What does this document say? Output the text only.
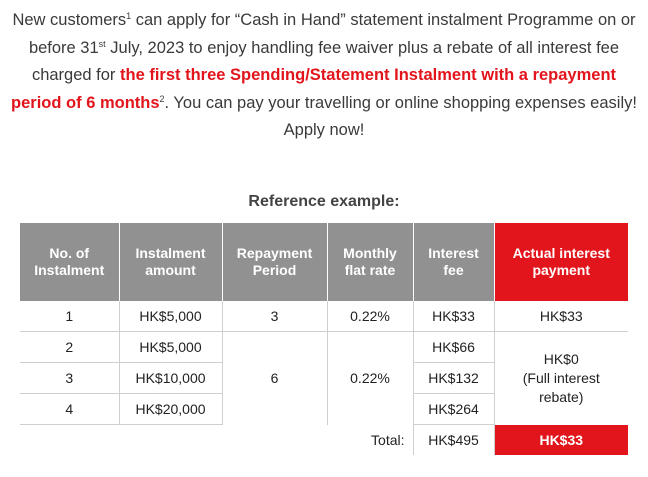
New customers$^1$ can apply for “Cash in Hand” statement instalment Programme on or before 31st July, 2023 to enjoy handling fee waiver plus a rebate of all interest fee charged for the first three Spending/Statement Instalment with a repayment period of 6 months$^2$. You can pay your travelling or online shopping expenses easily! Apply now!
Reference example:
No. of Instalment	Instalment amount	Repayment Period	Monthly flat rate	Interest fee	Actual interest payment
1	HK$5,000	3	0.22%	HK$33	HK$33
2	HK$5,000	6	0.22%	HK$66	HK$0
(Full interest
rebate)

3	HK$10,000			HK$132	
4	HK$20,000			HK$264	
			Total:	HK$495	HK$33
